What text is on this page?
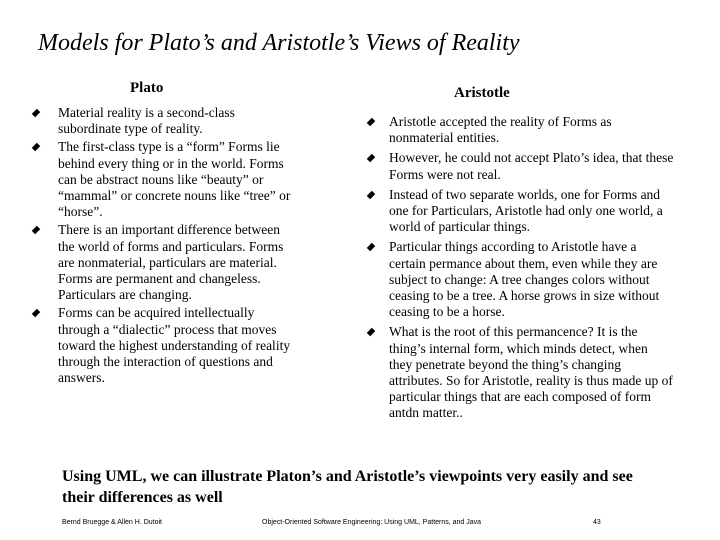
Models for Plato’s and Aristotle’s Views of Reality
Plato
Material reality is a second-class subordinate type of reality.
The first-class type is a “form” Forms lie behind every thing or in the world. Forms can be abstract nouns like “beauty” or “mammal” or concrete nouns like “tree” or “horse”.
There is an important difference between the world of forms and particulars. Forms are nonmaterial, particulars are material. Forms are permanent and changeless. Particulars are changing.
Forms can be acquired intellectually through a “dialectic” process that moves toward the highest understanding of reality through the interaction of questions and answers.
Aristotle
Aristotle accepted the reality of Forms as nonmaterial entities.
However, he could not accept Plato’s idea, that these Forms were not real.
Instead of two separate worlds, one for Forms and one for Particulars, Aristotle had only one world, a world of particular things.
Particular things according to Aristotle have a certain permance about them, even while they are subject to change: A tree changes colors without ceasing to be a tree. A horse grows in size without ceasing to be a horse.
What is the root of this permancence? It is the thing’s internal form, which minds detect, when they penetrate beyond the thing’s changing attributes. So for Aristotle, reality is thus made up of particular things that are each composed of form antdn matter..
Using UML, we can illustrate Platon’s and Aristotle’s viewpoints very easily and see their differences as well
Bernd Bruegge & Allen H. Dutoit	Object-Oriented Software Engineering: Using UML, Patterns, and Java	43
